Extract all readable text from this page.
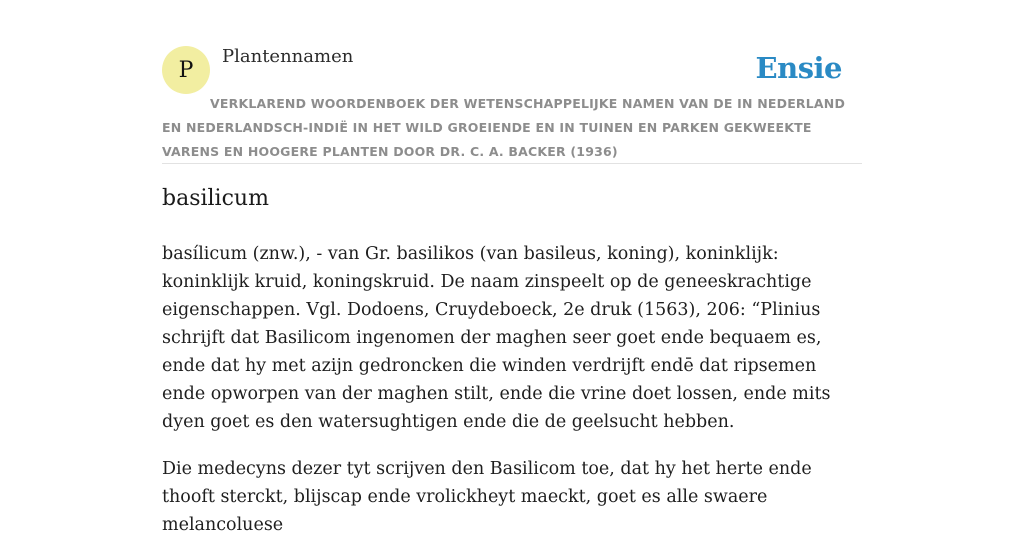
P
Plantennamen	Ensie

VERKLAREND WOORDENBOEK DER WETENSCHAPPELIJKE NAMEN VAN DE IN NEDERLAND EN NEDERLANDSCH-INDIË IN HET WILD GROEIENDE EN IN TUINEN EN PARKEN GEKWEEKTE VARENS EN HOOGERE PLANTEN DOOR DR. C. A. BACKER (1936)

basilicum

basílicum (znw.), - van Gr. basilikos (van basileus, koning), koninklijk: koninklijk kruid, koningskruid. De naam zinspeelt op de geneeskrachtige eigenschappen. Vgl. Dodoens, Cruydeboeck, 2e druk (1563), 206: “Plinius schrijft dat Basilicom ingenomen der maghen seer goet ende bequaem es, ende dat hy met azijn gedroncken die winden verdrijft endē dat ripsemen ende opworpen van der maghen stilt, ende die vrine doet lossen, ende mits dyen goet es den watersughtigen ende die de geelsucht hebben.

Die medecyns dezer tyt scrijven den Basilicom toe, dat hy het herte ende thooft sterckt, blijscap ende vrolickheyt maeckt, goet es alle swaere melancoluese
